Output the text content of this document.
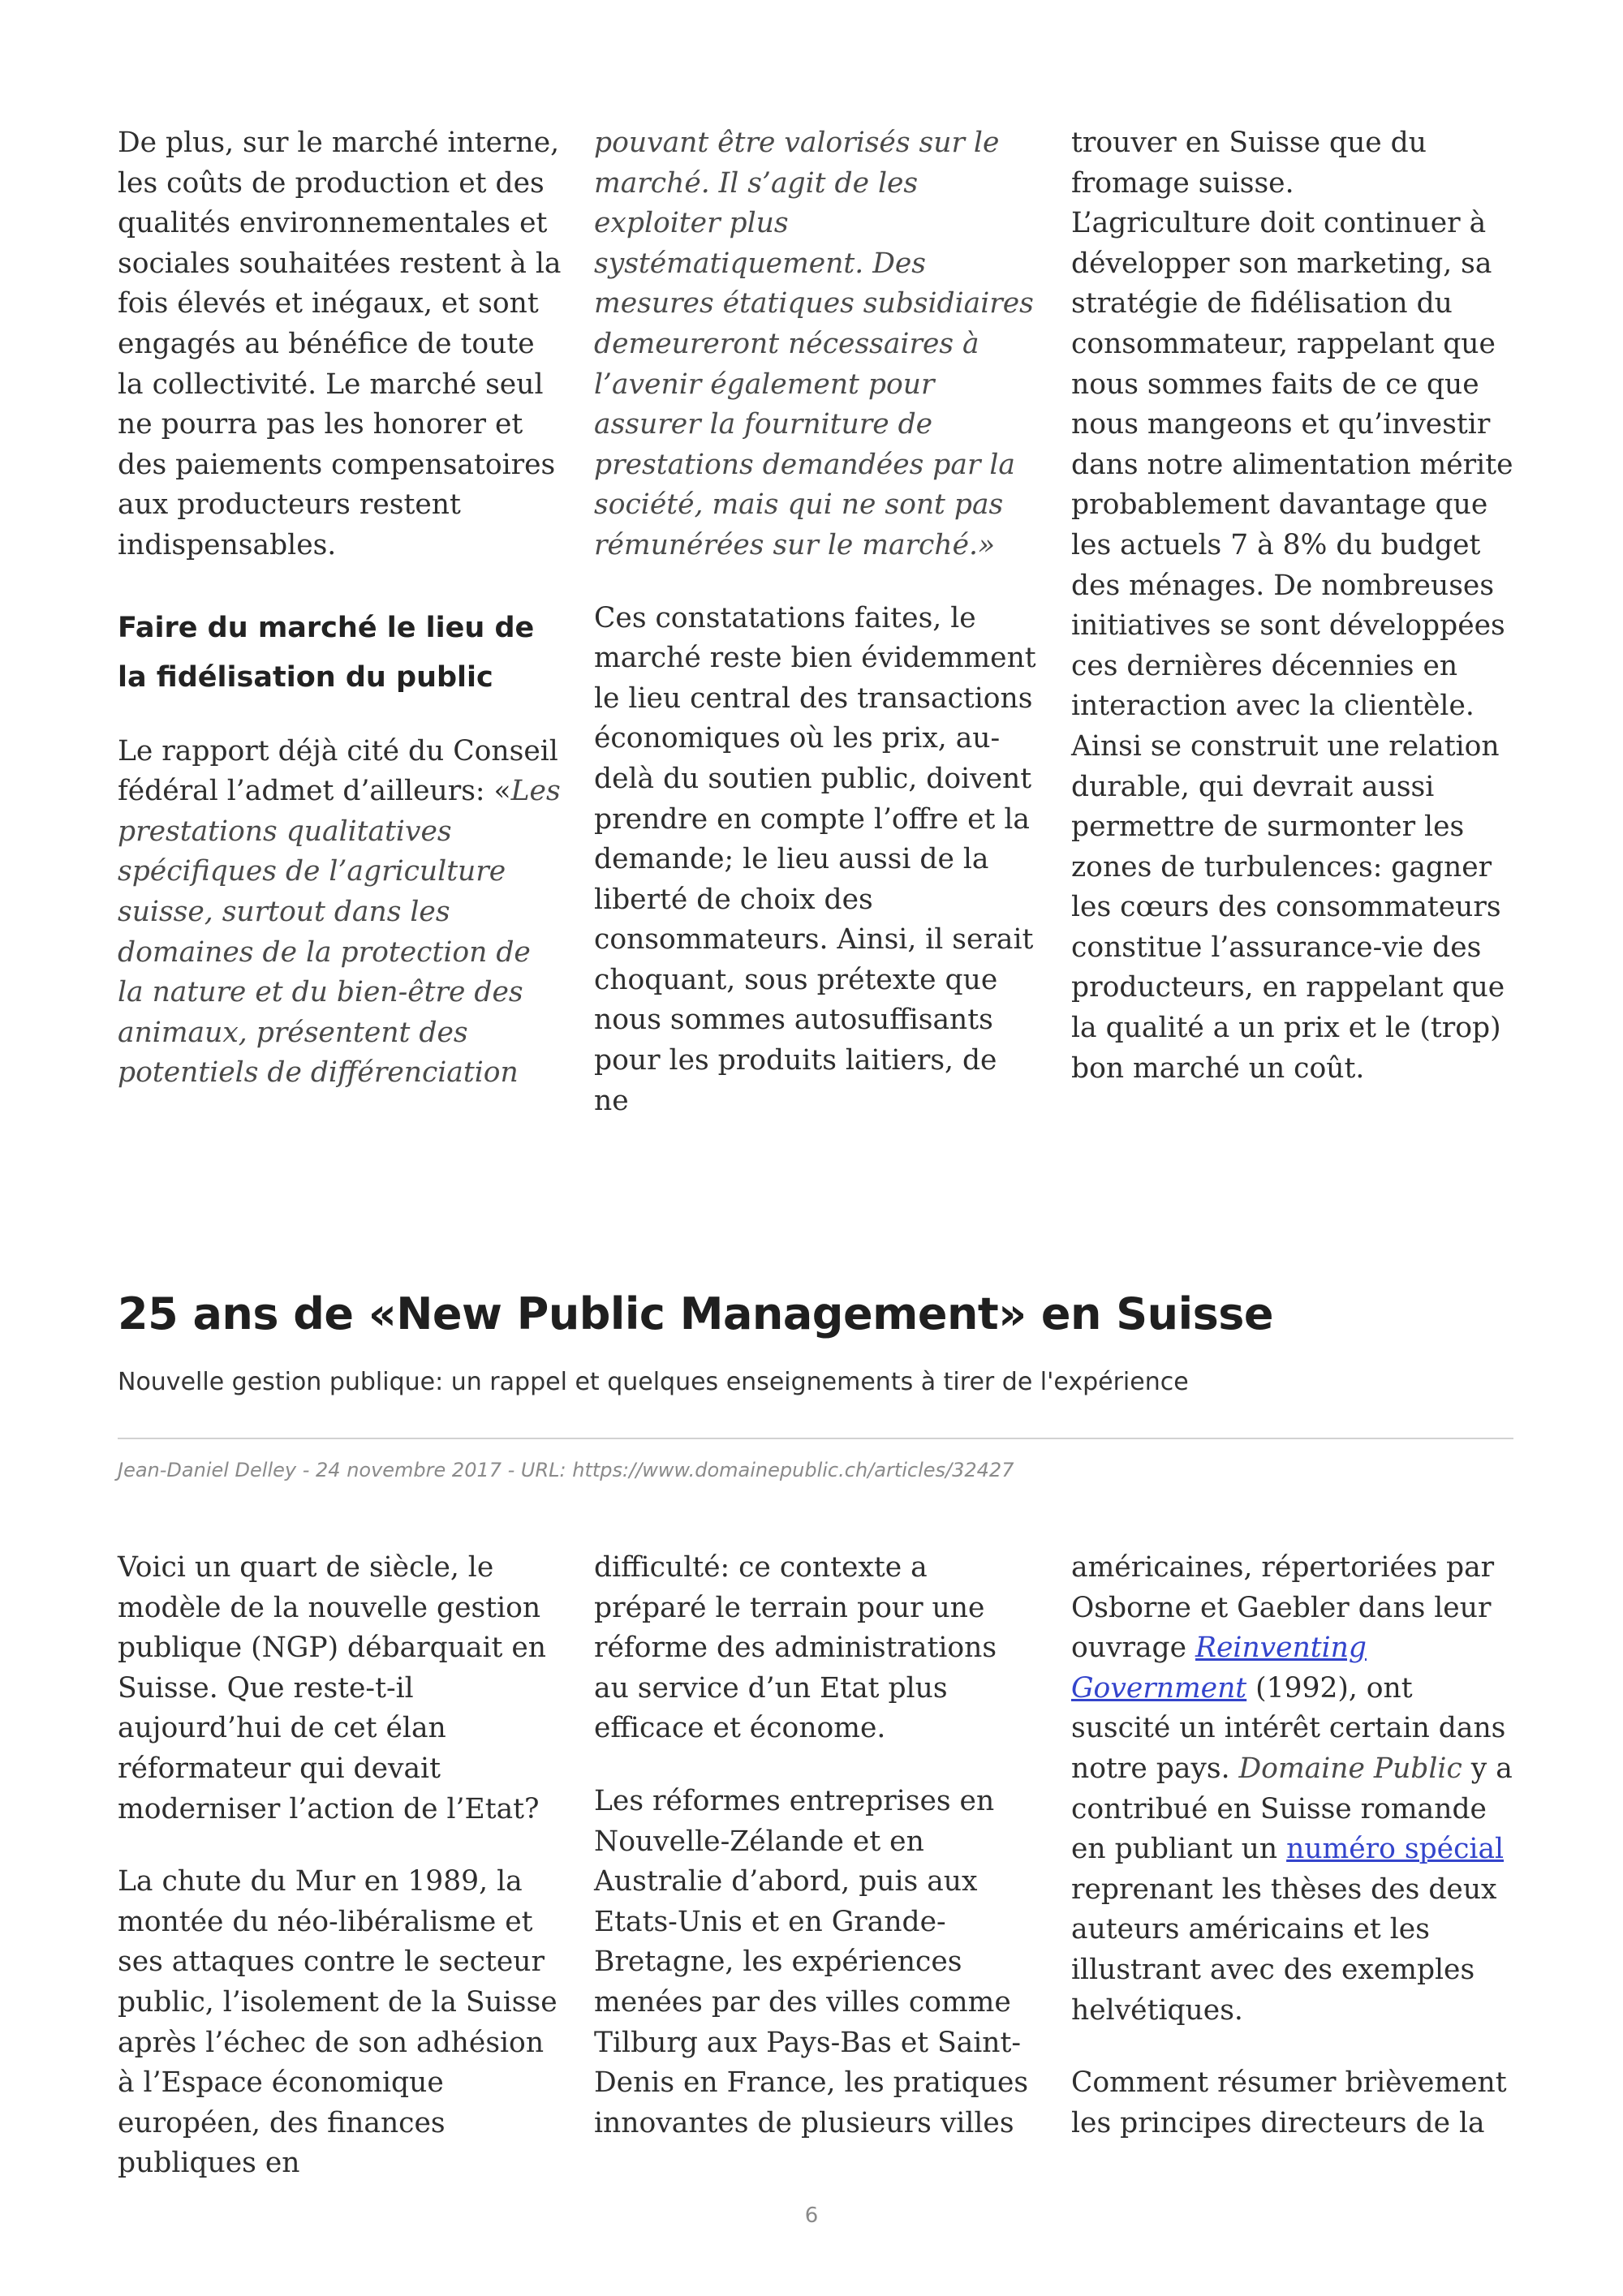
De plus, sur le marché interne, les coûts de production et des qualités environnementales et sociales souhaitées restent à la fois élevés et inégaux, et sont engagés au bénéfice de toute la collectivité. Le marché seul ne pourra pas les honorer et des paiements compensatoires aux producteurs restent indispensables.

Faire du marché le lieu de la fidélisation du public

Le rapport déjà cité du Conseil fédéral l’admet d’ailleurs: «Les prestations qualitatives spécifiques de l’agriculture suisse, surtout dans les domaines de la protection de la nature et du bien-être des animaux, présentent des potentiels de différenciation

pouvant être valorisés sur le marché. Il s’agit de les exploiter plus systématiquement. Des mesures étatiques subsidiaires demeureront nécessaires à l’avenir également pour assurer la fourniture de prestations demandées par la société, mais qui ne sont pas rémunérées sur le marché.»

Ces constatations faites, le marché reste bien évidemment le lieu central des transactions économiques où les prix, au-delà du soutien public, doivent prendre en compte l’offre et la demande; le lieu aussi de la liberté de choix des consommateurs. Ainsi, il serait choquant, sous prétexte que nous sommes autosuffisants pour les produits laitiers, de ne

trouver en Suisse que du fromage suisse.

L’agriculture doit continuer à développer son marketing, sa stratégie de fidélisation du consommateur, rappelant que nous sommes faits de ce que nous mangeons et qu’investir dans notre alimentation mérite probablement davantage que les actuels 7 à 8% du budget des ménages. De nombreuses initiatives se sont développées ces dernières décennies en interaction avec la clientèle. Ainsi se construit une relation durable, qui devrait aussi permettre de surmonter les zones de turbulences: gagner les cœurs des consommateurs constitue l’assurance-vie des producteurs, en rappelant que la qualité a un prix et le (trop) bon marché un coût.

25 ans de «New Public Management» en Suisse

Nouvelle gestion publique: un rappel et quelques enseignements à tirer de l'expérience

Jean-Daniel Delley - 24 novembre 2017 - URL: https://www.domainepublic.ch/articles/32427

Voici un quart de siècle, le modèle de la nouvelle gestion publique (NGP) débarquait en Suisse. Que reste-t-il aujourd’hui de cet élan réformateur qui devait moderniser l’action de l’Etat?

La chute du Mur en 1989, la montée du néo-libéralisme et ses attaques contre le secteur public, l’isolement de la Suisse après l’échec de son adhésion à l’Espace économique européen, des finances publiques en

difficulté: ce contexte a préparé le terrain pour une réforme des administrations au service d’un Etat plus efficace et économe.

Les réformes entreprises en Nouvelle-Zélande et en Australie d’abord, puis aux Etats-Unis et en Grande-Bretagne, les expériences menées par des villes comme Tilburg aux Pays-Bas et Saint-Denis en France, les pratiques innovantes de plusieurs villes

américaines, répertoriées par Osborne et Gaebler dans leur ouvrage Reinventing Government (1992), ont suscité un intérêt certain dans notre pays. Domaine Public y a contribué en Suisse romande en publiant un numéro spécial reprenant les thèses des deux auteurs américains et les illustrant avec des exemples helvétiques.

Comment résumer brièvement les principes directeurs de la

6
